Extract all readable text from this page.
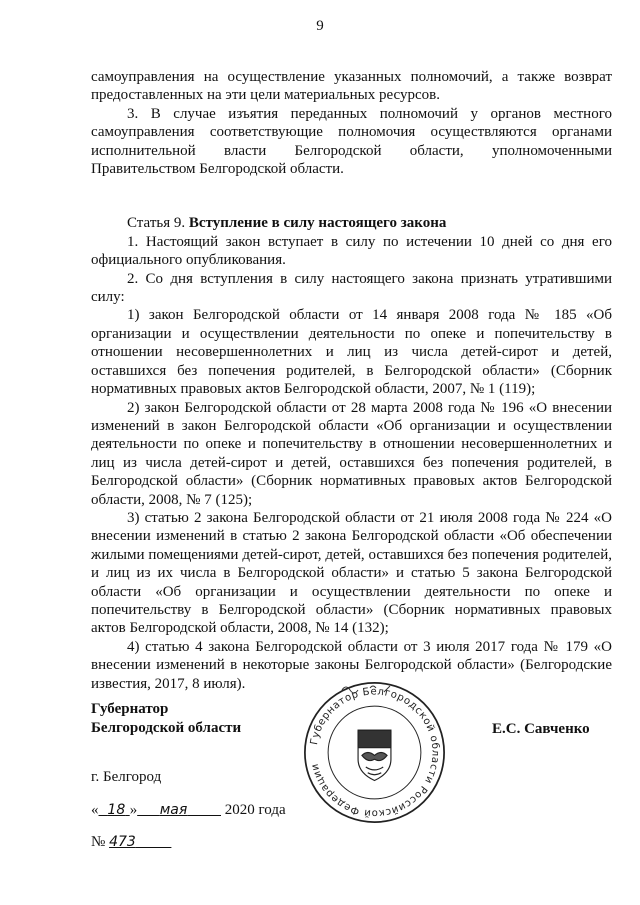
9

самоуправления на осуществление указанных полномочий, а также возврат предоставленных на эти цели материальных ресурсов.

3. В случае изъятия переданных полномочий у органов местного самоуправления соответствующие полномочия осуществляются органами исполнительной власти Белгородской области, уполномоченными Правительством Белгородской области.

Статья 9. Вступление в силу настоящего закона

1. Настоящий закон вступает в силу по истечении 10 дней со дня его официального опубликования.

2. Со дня вступления в силу настоящего закона признать утратившими силу:

1) закон Белгородской области от 14 января 2008 года № 185 «Об организации и осуществлении деятельности по опеке и попечительству в отношении несовершеннолетних и лиц из числа детей-сирот и детей, оставшихся без попечения родителей, в Белгородской области» (Сборник нормативных правовых актов Белгородской области, 2007, № 1 (119);

2) закон Белгородской области от 28 марта 2008 года № 196 «О внесении изменений в закон Белгородской области «Об организации и осуществлении деятельности по опеке и попечительству в отношении несовершеннолетних и лиц из числа детей-сирот и детей, оставшихся без попечения родителей, в Белгородской области» (Сборник нормативных правовых актов Белгородской области, 2008, № 7 (125);

3) статью 2 закона Белгородской области от 21 июля 2008 года № 224 «О внесении изменений в статью 2 закона Белгородской области «Об обеспечении жилыми помещениями детей-сирот, детей, оставшихся без попечения родителей, и лиц из их числа в Белгородской области» и статью 5 закона Белгородской области «Об организации и осуществлении деятельности по опеке и попечительству в Белгородской области» (Сборник нормативных правовых актов Белгородской области, 2008, № 14 (132);

4) статью 4 закона Белгородской области от 3 июля 2017 года № 179 «О внесении изменений в некоторые законы Белгородской области» (Белгородские известия, 2017, 8 июля).

Губернатор
Белгородской области
Губернатор Белгородской области Российской Федерации
Е.С. Савченко
г. Белгород
« 18 » мая	2020 года
№ 473
